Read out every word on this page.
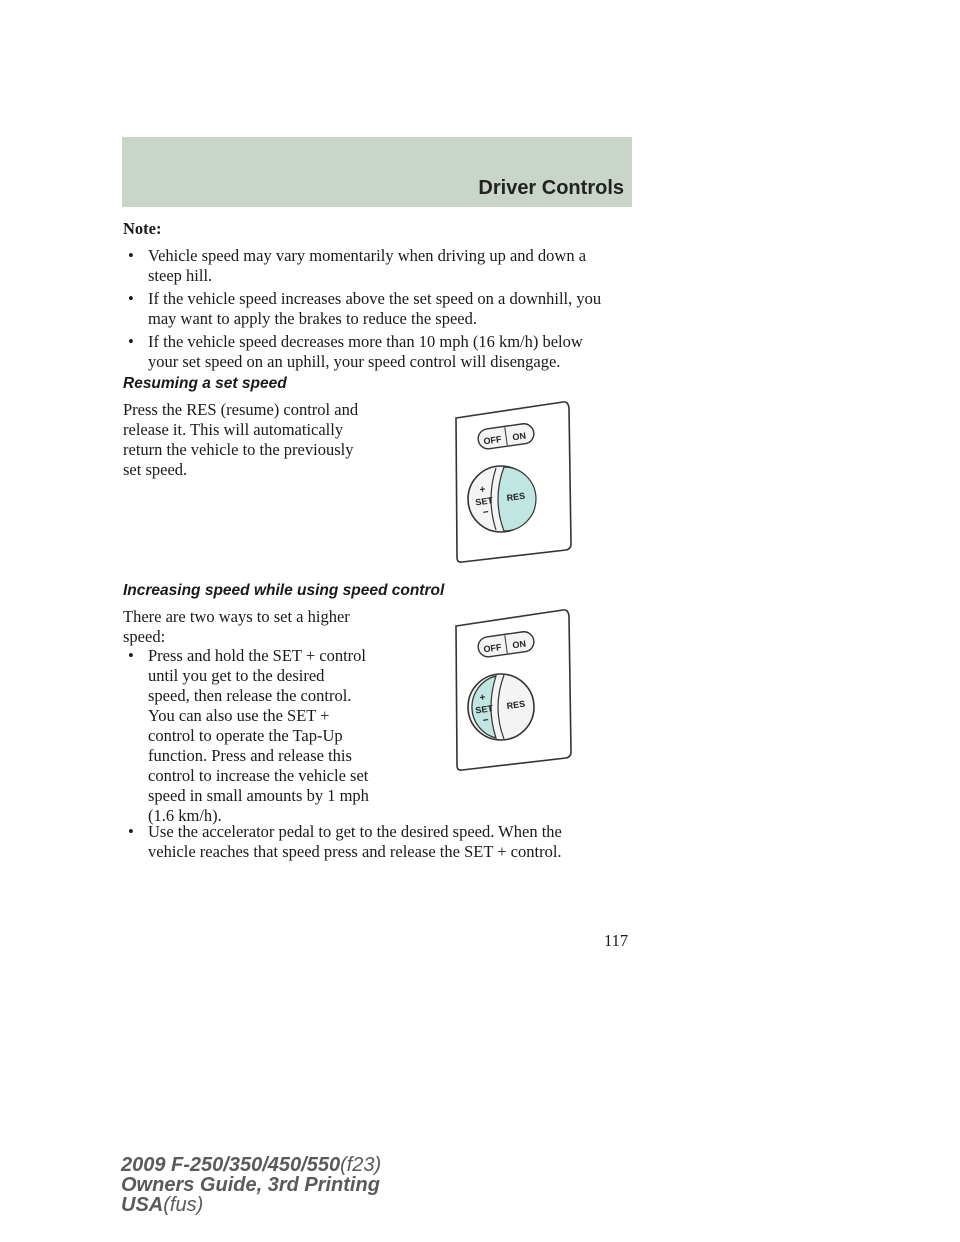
Driver Controls
Note:
• Vehicle speed may vary momentarily when driving up and down a
steep hill.
• If the vehicle speed increases above the set speed on a downhill, you
may want to apply the brakes to reduce the speed.
• If the vehicle speed decreases more than 10 mph (16 km/h) below
your set speed on an uphill, your speed control will disengage.
Resuming a set speed
Press the RES (resume) control and
release it. This will automatically
return the vehicle to the previously
set speed.
OFF ON
+
SET
−
RES
Increasing speed while using speed control
There are two ways to set a higher
speed:
• Press and hold the SET + control
until you get to the desired
speed, then release the control.
You can also use the SET +
control to operate the Tap-Up
function. Press and release this
control to increase the vehicle set
speed in small amounts by 1 mph
(1.6 km/h).
OFF ON
+
SET
−
RES
• Use the accelerator pedal to get to the desired speed. When the
vehicle reaches that speed press and release the SET + control.
117
2009 F-250/350/450/550(f23)
Owners Guide, 3rd Printing
USA(fus)
